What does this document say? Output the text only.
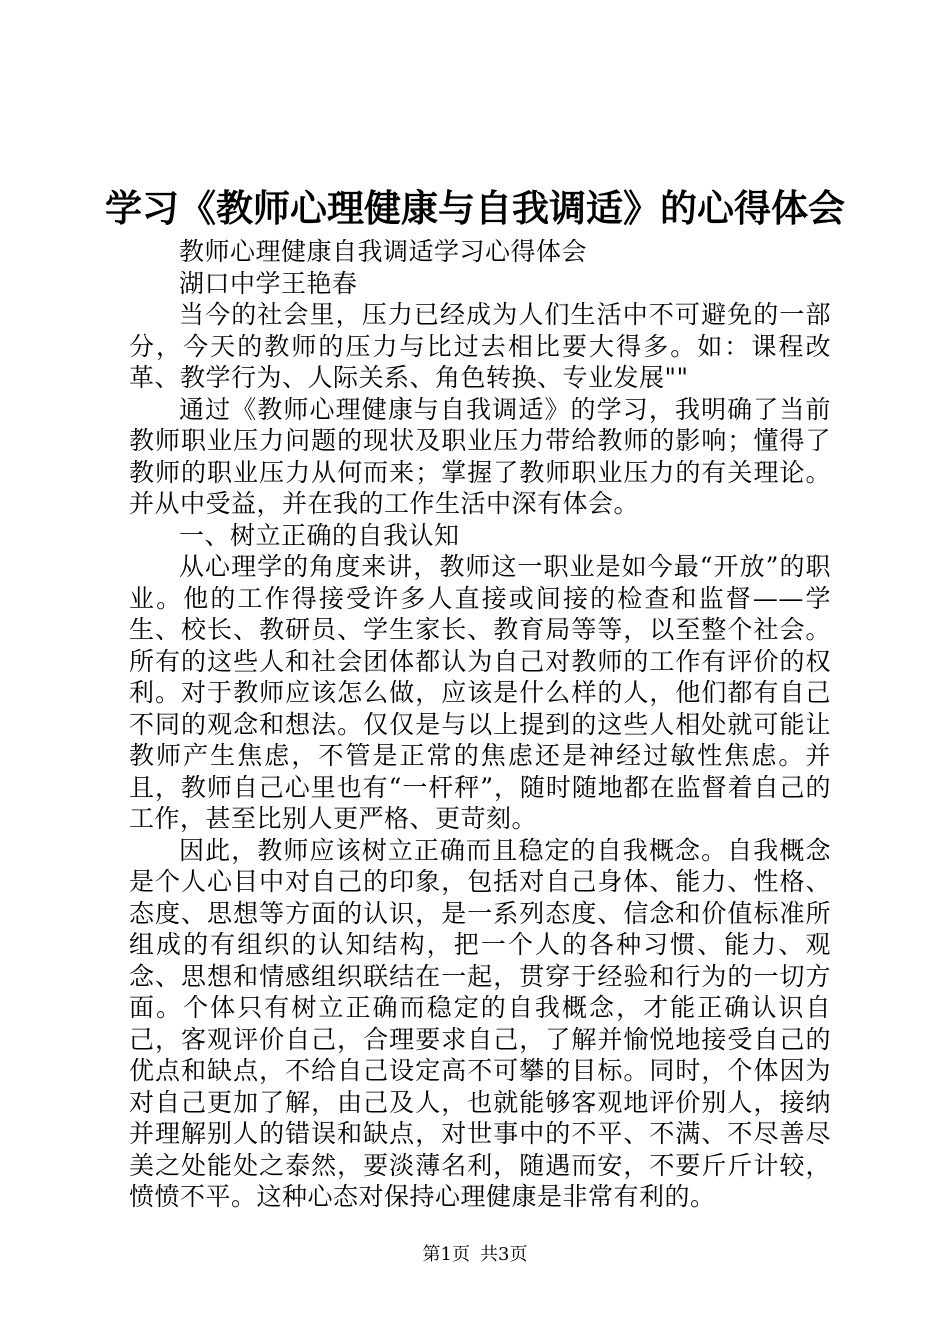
学习《教师心理健康与自我调适》的心得体会

教师心理健康自我调适学习心得体会

湖口中学王艳春

当今的社会里，压力已经成为人们生活中不可避免的一部分，今天的教师的压力与比过去相比要大得多。如：课程改革、教学行为、人际关系、角色转换、专业发展""

通过《教师心理健康与自我调适》的学习，我明确了当前教师职业压力问题的现状及职业压力带给教师的影响；懂得了教师的职业压力从何而来；掌握了教师职业压力的有关理论。并从中受益，并在我的工作生活中深有体会。

一、树立正确的自我认知

从心理学的角度来讲，教师这一职业是如今最“开放”的职业。他的工作得接受许多人直接或间接的检查和监督——学生、校长、教研员、学生家长、教育局等等，以至整个社会。所有的这些人和社会团体都认为自己对教师的工作有评价的权利。对于教师应该怎么做，应该是什么样的人，他们都有自己不同的观念和想法。仅仅是与以上提到的这些人相处就可能让教师产生焦虑，不管是正常的焦虑还是神经过敏性焦虑。并且，教师自己心里也有“一杆秤”，随时随地都在监督着自己的工作，甚至比别人更严格、更苛刻。

因此，教师应该树立正确而且稳定的自我概念。自我概念是个人心目中对自己的印象，包括对自己身体、能力、性格、态度、思想等方面的认识，是一系列态度、信念和价值标准所组成的有组织的认知结构，把一个人的各种习惯、能力、观念、思想和情感组织联结在一起，贯穿于经验和行为的一切方面。个体只有树立正确而稳定的自我概念，才能正确认识自己，客观评价自己，合理要求自己，了解并愉悦地接受自己的优点和缺点，不给自己设定高不可攀的目标。同时，个体因为对自己更加了解，由己及人，也就能够客观地评价别人，接纳并理解别人的错误和缺点，对世事中的不平、不满、不尽善尽美之处能处之泰然，要淡薄名利，随遇而安，不要斤斤计较，愤愤不平。这种心态对保持心理健康是非常有利的。

第1页 共3页
